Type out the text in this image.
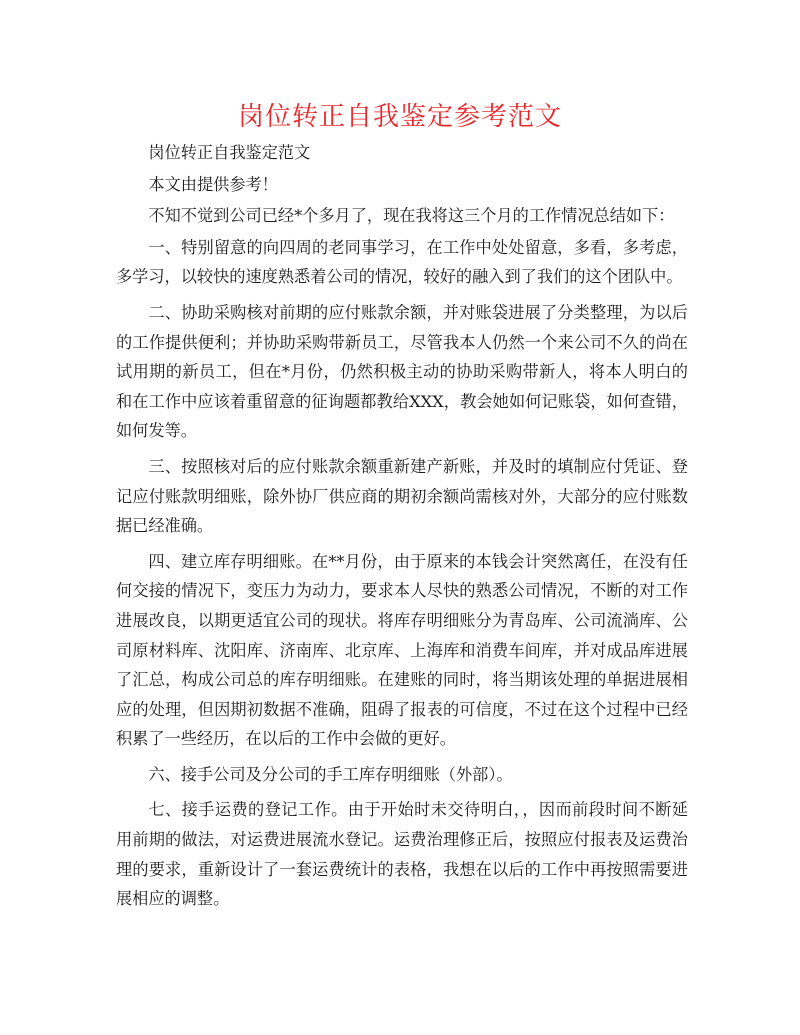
岗位转正自我鉴定参考范文

岗位转正自我鉴定范文

本文由提供参考！

不知不觉到公司已经*个多月了，现在我将这三个月的工作情况总结如下：

一、特别留意的向四周的老同事学习，在工作中处处留意，多看，多考虑，多学习，以较快的速度熟悉着公司的情况，较好的融入到了我们的这个团队中。

二、协助采购核对前期的应付账款余额，并对账袋进展了分类整理，为以后的工作提供便利；并协助采购带新员工，尽管我本人仍然一个来公司不久的尚在试用期的新员工，但在*月份，仍然积极主动的协助采购带新人，将本人明白的和在工作中应该着重留意的征询题都教给XXX，教会她如何记账袋，如何查错，如何发等。

三、按照核对后的应付账款余额重新建产新账，并及时的填制应付凭证、登记应付账款明细账，除外协厂供应商的期初余额尚需核对外，大部分的应付账数据已经准确。

四、建立库存明细账。在**月份，由于原来的本钱会计突然离任，在没有任何交接的情况下，变压力为动力，要求本人尽快的熟悉公司情况，不断的对工作进展改良，以期更适宜公司的现状。将库存明细账分为青岛库、公司流淌库、公司原材料库、沈阳库、济南库、北京库、上海库和消费车间库，并对成品库进展了汇总，构成公司总的库存明细账。在建账的同时，将当期该处理的单据进展相应的处理，但因期初数据不准确，阻碍了报表的可信度，不过在这个过程中已经积累了一些经历，在以后的工作中会做的更好。

六、接手公司及分公司的手工库存明细账（外部）。

七、接手运费的登记工作。由于开始时未交待明白，，因而前段时间不断延用前期的做法，对运费进展流水登记。运费治理修正后，按照应付报表及运费治理的要求，重新设计了一套运费统计的表格，我想在以后的工作中再按照需要进展相应的调整。
